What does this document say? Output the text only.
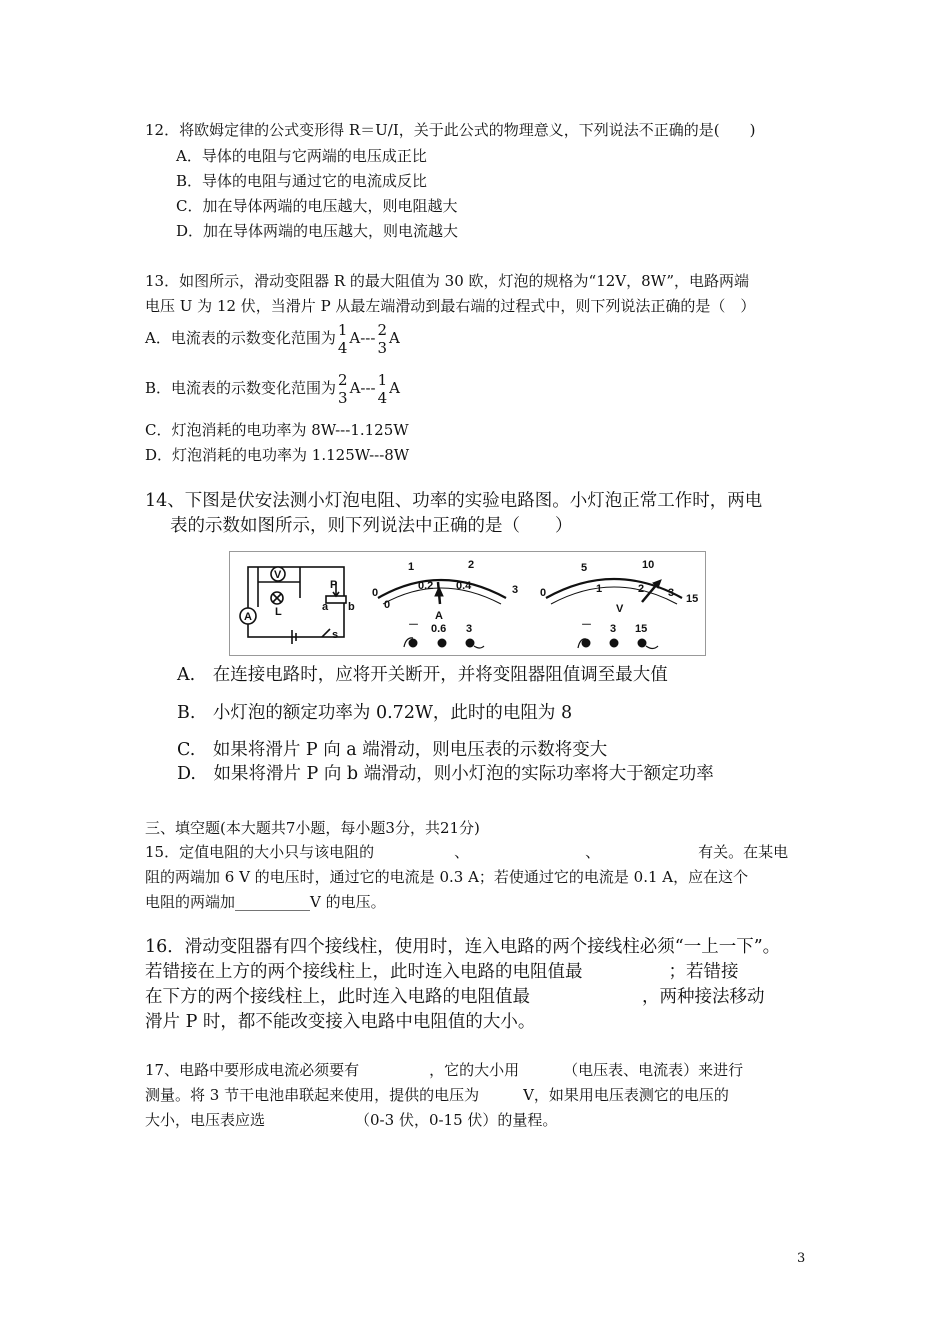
12．将欧姆定律的公式变形得 R＝U/I，关于此公式的物理意义，下列说法不正确的是(　　)
A．导体的电阻与它两端的电压成正比
B．导体的电阻与通过它的电流成反比
C．加在导体两端的电压越大，则电阻越大
D．加在导体两端的电压越大，则电流越大
13．如图所示，滑动变阻器 R 的最大阻值为 30 欧，灯泡的规格为“12V，8W”，电路两端
电压 U 为 12 伏，当滑片 P 从最左端滑动到最右端的过程式中，则下列说法正确的是（　）
A．电流表的示数变化范围为 1
4
A--- 2
3
A
B．电流表的示数变化范围为 2
3
A--- 1
4
A
C．灯泡消耗的电功率为 8W---1.125W
D．灯泡消耗的电功率为 1.125W---8W
14、下图是伏安法测小灯泡电阻、功率的实验电路图。小灯泡正常工作时，两电
表的示数如图所示，则下列说法中正确的是（　　）
V
A L
P
a b
s
0
1	2
0
0.2 0.4	3
－
A
0.6 3
5	10
0	1	2 3 15
－
V
3 15
A.　在连接电路时，应将开关断开，并将变阻器阻值调至最大值
B.　小灯泡的额定功率为 0.72W，此时的电阻为 8
C.　如果将滑片 P 向 a 端滑动，则电压表的示数将变大
D.　如果将滑片 P 向 b 端滑动，则小灯泡的实际功率将大于额定功率
三、填空题(本大题共7小题，每小题3分，共21分)
15．定值电阻的大小只与该电阻的	、	、	有关。在某电
阻的两端加 6 V 的电压时，通过它的电流是 0.3 A；若使通过它的电流是 0.1 A，应在这个
电阻的两端加__________V 的电压。
16．滑动变阻器有四个接线柱，使用时，连入电路的两个接线柱必须“一上一下”。
若错接在上方的两个接线柱上，此时连入电路的电阻值最	；若错接
在下方的两个接线柱上，此时连入电路的电阻值最	，两种接法移动
滑片 P 时，都不能改变接入电路中电阻值的大小。
17、电路中要形成电流必须要有	，它的大小用	（电压表、电流表）来进行
测量。将 3 节干电池串联起来使用，提供的电压为	V，如果用电压表测它的电压的
大小，电压表应选	（0-3 伏，0-15 伏）的量程。
3
